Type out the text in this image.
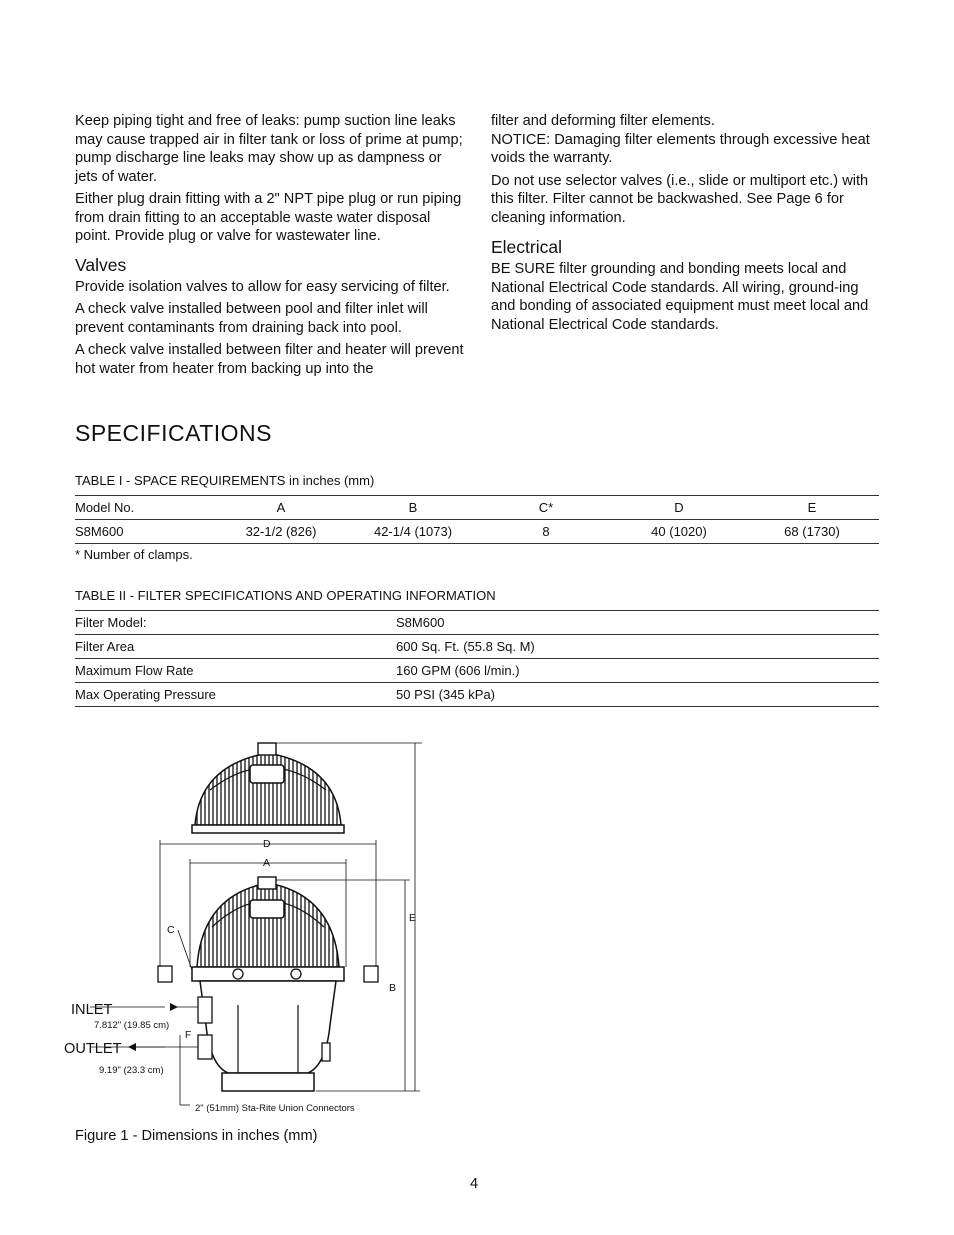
Keep piping tight and free of leaks: pump suction line leaks may cause trapped air in filter tank or loss of prime at pump; pump discharge line leaks may show up as dampness or jets of water.

Either plug drain fitting with a 2" NPT pipe plug or run piping from drain fitting to an acceptable waste water disposal point. Provide plug or valve for wastewater line.

Valves

Provide isolation valves to allow for easy servicing of filter.

A check valve installed between pool and filter inlet will prevent contaminants from draining back into pool.

A check valve installed between filter and heater will prevent hot water from heater from backing up into the

filter and deforming filter elements.

NOTICE: Damaging filter elements through excessive heat voids the warranty.

Do not use selector valves (i.e., slide or multiport etc.) with this filter. Filter cannot be backwashed. See Page 6 for cleaning information.

Electrical

BE SURE filter grounding and bonding meets local and National Electrical Code standards. All wiring, ground-ing and bonding of associated equipment must meet local and National Electrical Code standards.

SPECIFICATIONS
TABLE I - SPACE REQUIREMENTS in inches (mm)
Model No.	A	B	C*	D	E
S8M600	32-1/2 (826)	42-1/4 (1073)	8	40 (1020)	68 (1730)
* Number of clamps.
TABLE II - FILTER SPECIFICATIONS AND OPERATING INFORMATION
Filter Model:	S8M600
Filter Area	600 Sq. Ft. (55.8 Sq. M)
Maximum Flow Rate	160 GPM (606 l/min.)
Max Operating Pressure	50 PSI (345 kPa)
D
A
C
E
B
F
INLET
OUTLET
7.812" (19.85 cm)
9.19" (23.3 cm)
2" (51mm) Sta-Rite Union Connectors
Figure 1 - Dimensions in inches (mm)
4
